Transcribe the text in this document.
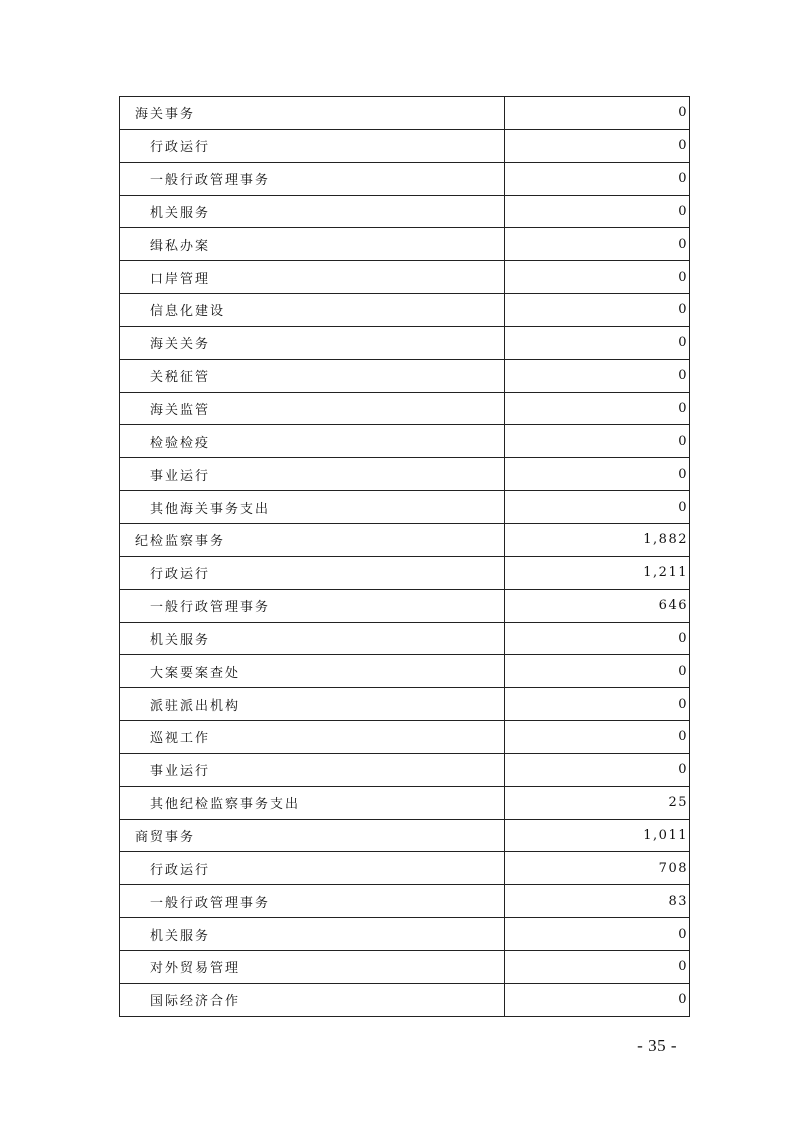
海关事务	0
行政运行	0
一般行政管理事务	0
机关服务	0
缉私办案	0
口岸管理	0
信息化建设	0
海关关务	0
关税征管	0
海关监管	0
检验检疫	0
事业运行	0
其他海关事务支出	0
纪检监察事务	1,882
行政运行	1,211
一般行政管理事务	646
机关服务	0
大案要案查处	0
派驻派出机构	0
巡视工作	0
事业运行	0
其他纪检监察事务支出	25
商贸事务	1,011
行政运行	708
一般行政管理事务	83
机关服务	0
对外贸易管理	0
国际经济合作	0
- 35 -
